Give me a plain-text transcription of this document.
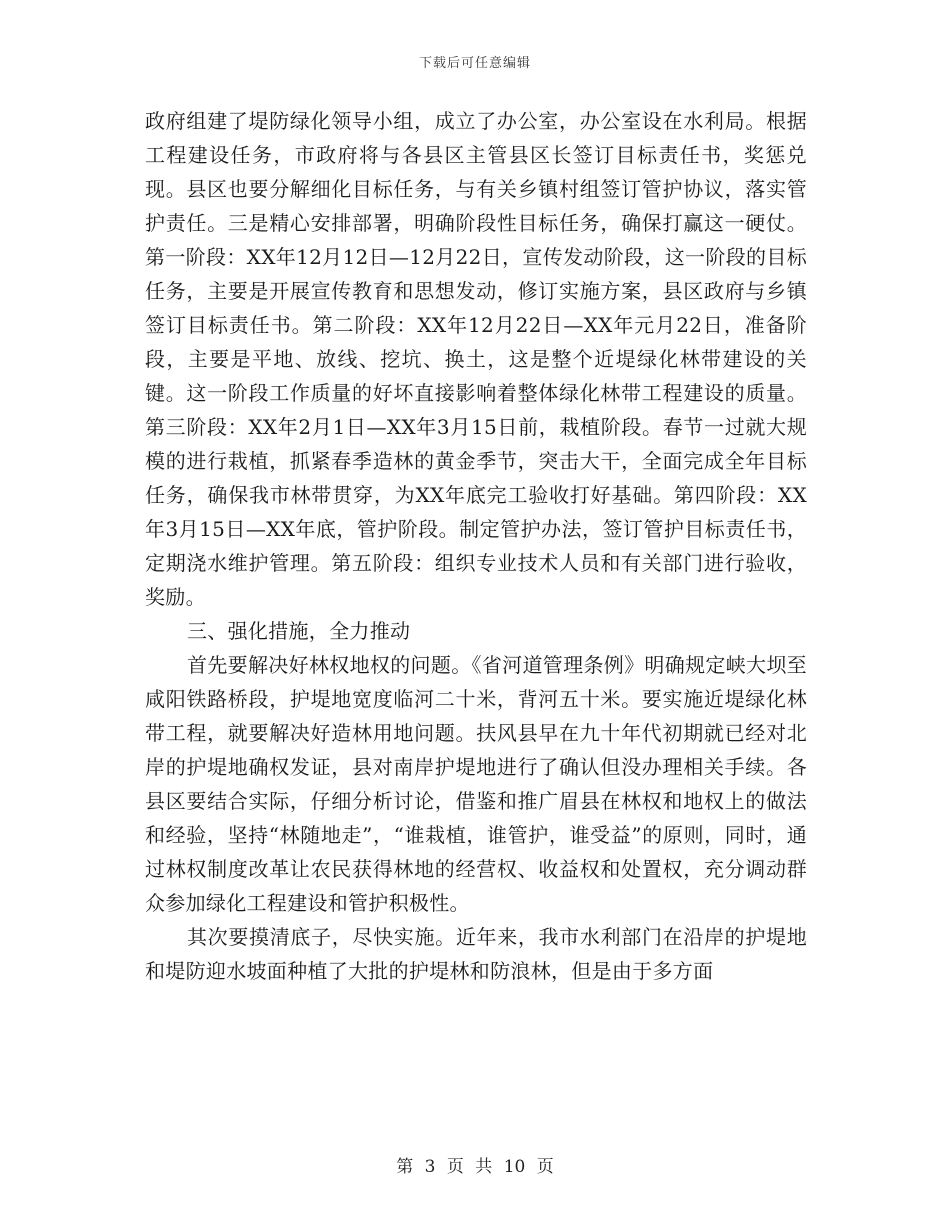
下载后可任意编辑

政府组建了堤防绿化领导小组，成立了办公室，办公室设在水利局。根据工程建设任务，市政府将与各县区主管县区长签订目标责任书，奖惩兑现。县区也要分解细化目标任务，与有关乡镇村组签订管护协议，落实管护责任。三是精心安排部署，明确阶段性目标任务，确保打赢这一硬仗。第一阶段：XX年12月12日—12月22日，宣传发动阶段，这一阶段的目标任务，主要是开展宣传教育和思想发动，修订实施方案，县区政府与乡镇签订目标责任书。第二阶段：XX年12月22日—XX年元月22日，准备阶段，主要是平地、放线、挖坑、换土，这是整个近堤绿化林带建设的关键。这一阶段工作质量的好坏直接影响着整体绿化林带工程建设的质量。第三阶段：XX年2月1日—XX年3月15日前，栽植阶段。春节一过就大规模的进行栽植，抓紧春季造林的黄金季节，突击大干，全面完成全年目标任务，确保我市林带贯穿，为XX年底完工验收打好基础。第四阶段：XX年3月15日—XX年底，管护阶段。制定管护办法，签订管护目标责任书，定期浇水维护管理。第五阶段：组织专业技术人员和有关部门进行验收，奖励。

三、强化措施，全力推动

首先要解决好林权地权的问题。《省河道管理条例》明确规定峡大坝至咸阳铁路桥段，护堤地宽度临河二十米，背河五十米。要实施近堤绿化林带工程，就要解决好造林用地问题。扶风县早在九十年代初期就已经对北岸的护堤地确权发证，县对南岸护堤地进行了确认但没办理相关手续。各县区要结合实际，仔细分析讨论，借鉴和推广眉县在林权和地权上的做法和经验，坚持“林随地走”，“谁栽植，谁管护，谁受益”的原则，同时，通过林权制度改革让农民获得林地的经营权、收益权和处置权，充分调动群众参加绿化工程建设和管护积极性。

其次要摸清底子，尽快实施。近年来，我市水利部门在沿岸的护堤地和堤防迎水坡面种植了大批的护堤林和防浪林，但是由于多方面

第 3 页 共 10 页
